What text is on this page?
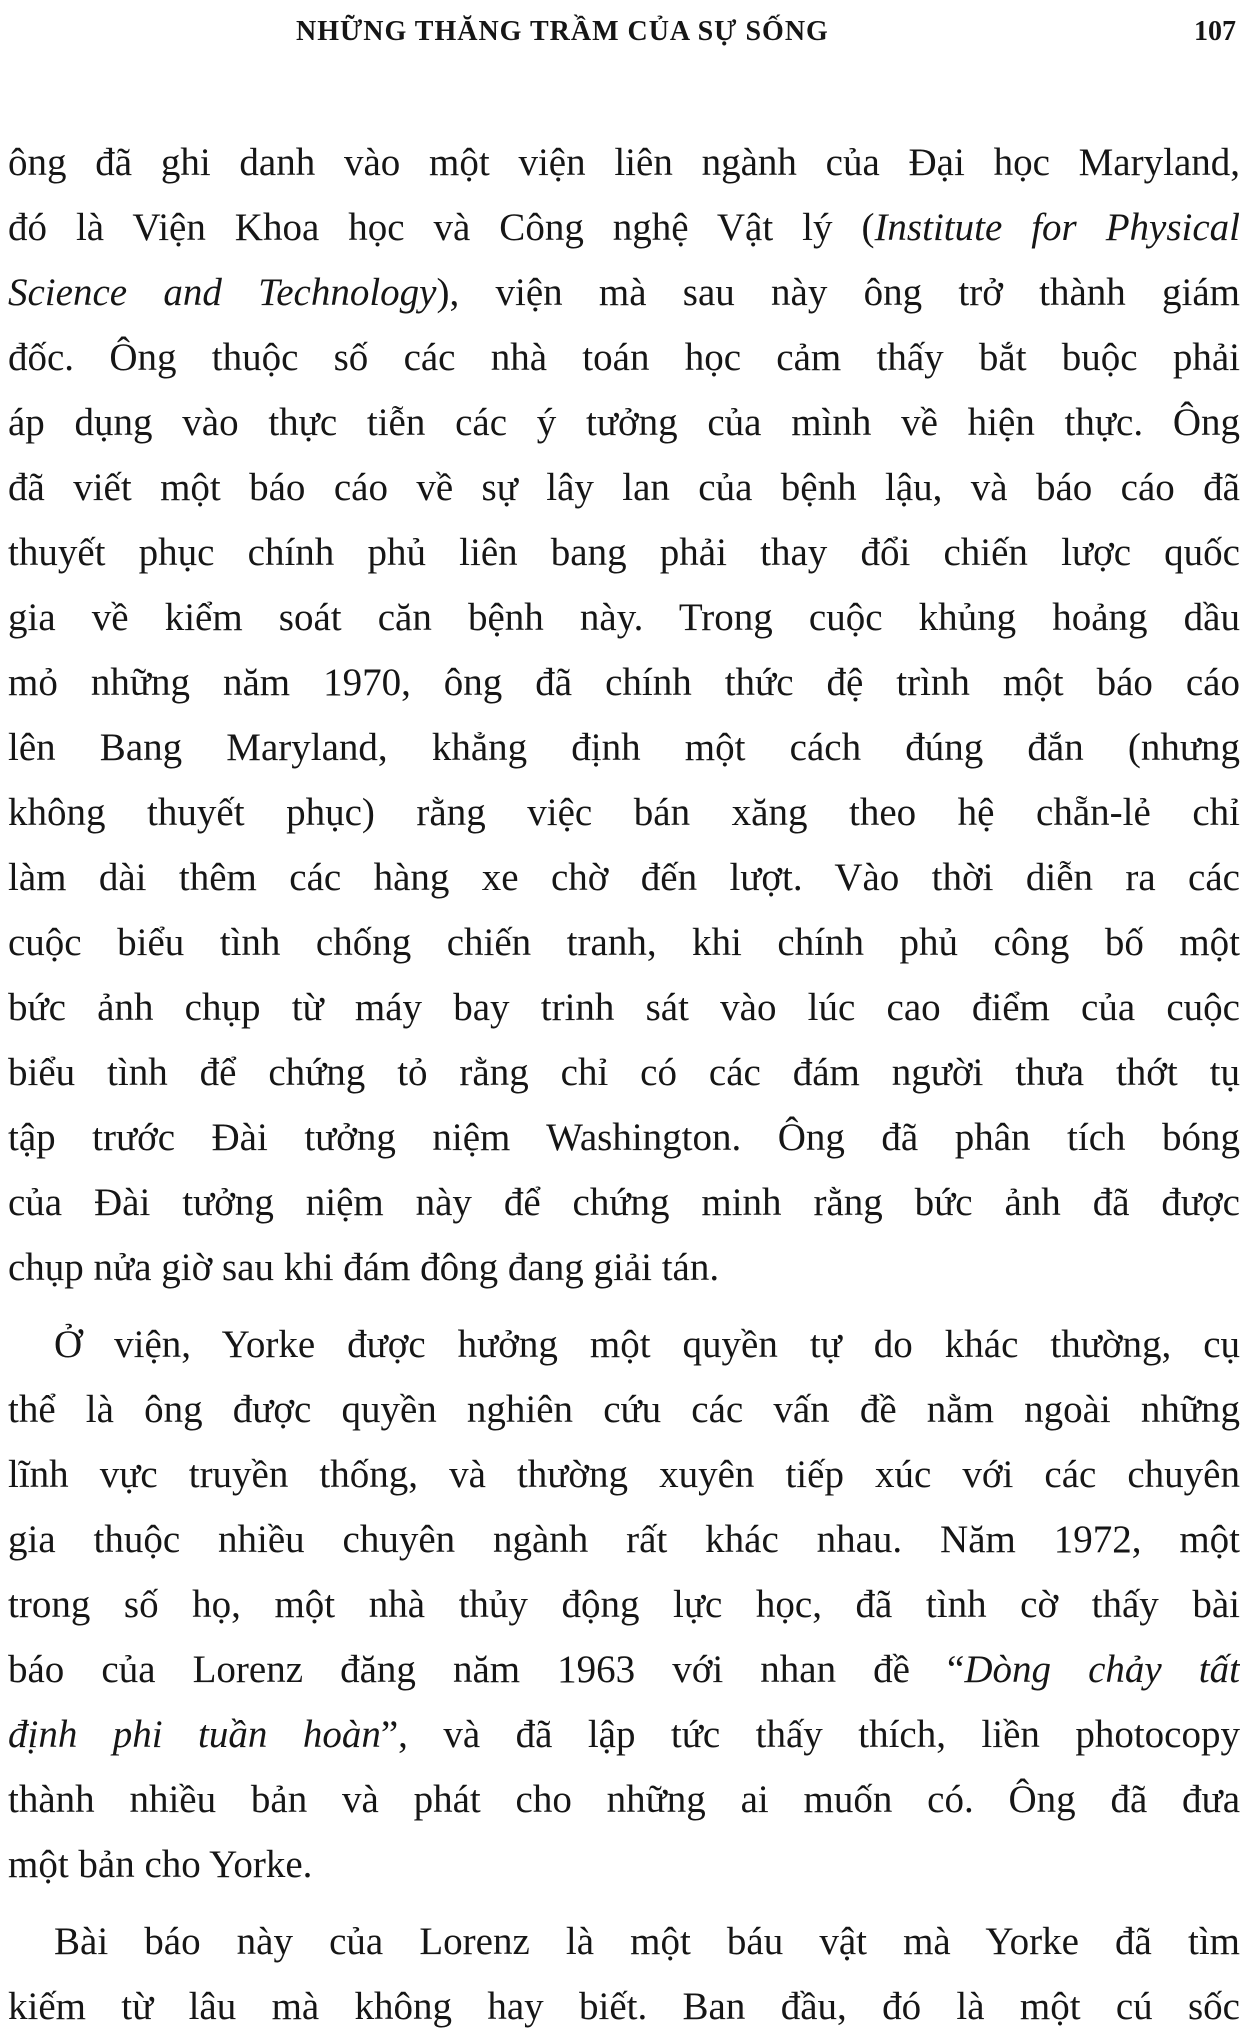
NHỮNG THĂNG TRẦM CỦA SỰ SỐNG	107
ông đã ghi danh vào một viện liên ngành của Đại học Maryland,
đó là Viện Khoa học và Công nghệ Vật lý (Institute for Physical
Science and Technology), viện mà sau này ông trở thành giám
đốc. Ông thuộc số các nhà toán học cảm thấy bắt buộc phải
áp dụng vào thực tiễn các ý tưởng của mình về hiện thực. Ông
đã viết một báo cáo về sự lây lan của bệnh lậu, và báo cáo đã
thuyết phục chính phủ liên bang phải thay đổi chiến lược quốc
gia về kiểm soát căn bệnh này. Trong cuộc khủng hoảng dầu
mỏ những năm 1970, ông đã chính thức đệ trình một báo cáo
lên Bang Maryland, khẳng định một cách đúng đắn (nhưng
không thuyết phục) rằng việc bán xăng theo hệ chẵn-lẻ chỉ
làm dài thêm các hàng xe chờ đến lượt. Vào thời diễn ra các
cuộc biểu tình chống chiến tranh, khi chính phủ công bố một
bức ảnh chụp từ máy bay trinh sát vào lúc cao điểm của cuộc
biểu tình để chứng tỏ rằng chỉ có các đám người thưa thớt tụ
tập trước Đài tưởng niệm Washington. Ông đã phân tích bóng
của Đài tưởng niệm này để chứng minh rằng bức ảnh đã được
chụp nửa giờ sau khi đám đông đang giải tán.
Ở viện, Yorke được hưởng một quyền tự do khác thường, cụ
thể là ông được quyền nghiên cứu các vấn đề nằm ngoài những
lĩnh vực truyền thống, và thường xuyên tiếp xúc với các chuyên
gia thuộc nhiều chuyên ngành rất khác nhau. Năm 1972, một
trong số họ, một nhà thủy động lực học, đã tình cờ thấy bài
báo của Lorenz đăng năm 1963 với nhan đề “Dòng chảy tất
định phi tuần hoàn”, và đã lập tức thấy thích, liền photocopy
thành nhiều bản và phát cho những ai muốn có. Ông đã đưa
một bản cho Yorke.
Bài báo này của Lorenz là một báu vật mà Yorke đã tìm
kiếm từ lâu mà không hay biết. Ban đầu, đó là một cú sốc
